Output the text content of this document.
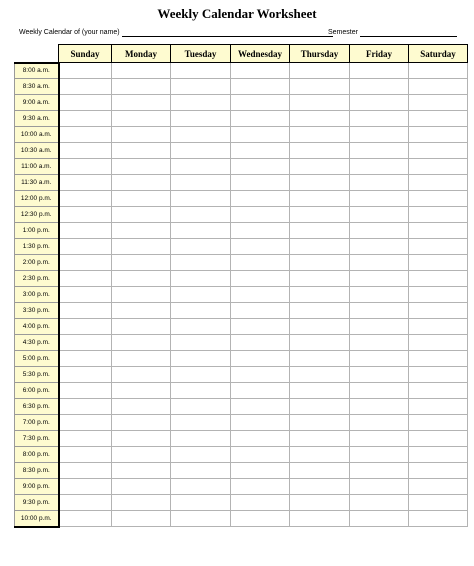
Weekly Calendar Worksheet
Weekly Calendar of (your name)	Semester
	Sunday	Monday	Tuesday	Wednesday	Thursday	Friday	Saturday
8:00 a.m.							
8:30 a.m.							
9:00 a.m.							
9:30 a.m.							
10:00 a.m.							
10:30 a.m.							
11:00 a.m.							
11:30 a.m.							
12:00 p.m.							
12:30 p.m.							
1:00 p.m.							
1:30 p.m.							
2:00 p.m.							
2:30 p.m.							
3:00 p.m.							
3:30 p.m.							
4:00 p.m.							
4:30 p.m.							
5:00 p.m.							
5:30 p.m.							
6:00 p.m.							
6:30 p.m.							
7:00 p.m.							
7:30 p.m.							
8:00 p.m.							
8:30 p.m.							
9:00 p.m.							
9:30 p.m.							
10:00 p.m.							
